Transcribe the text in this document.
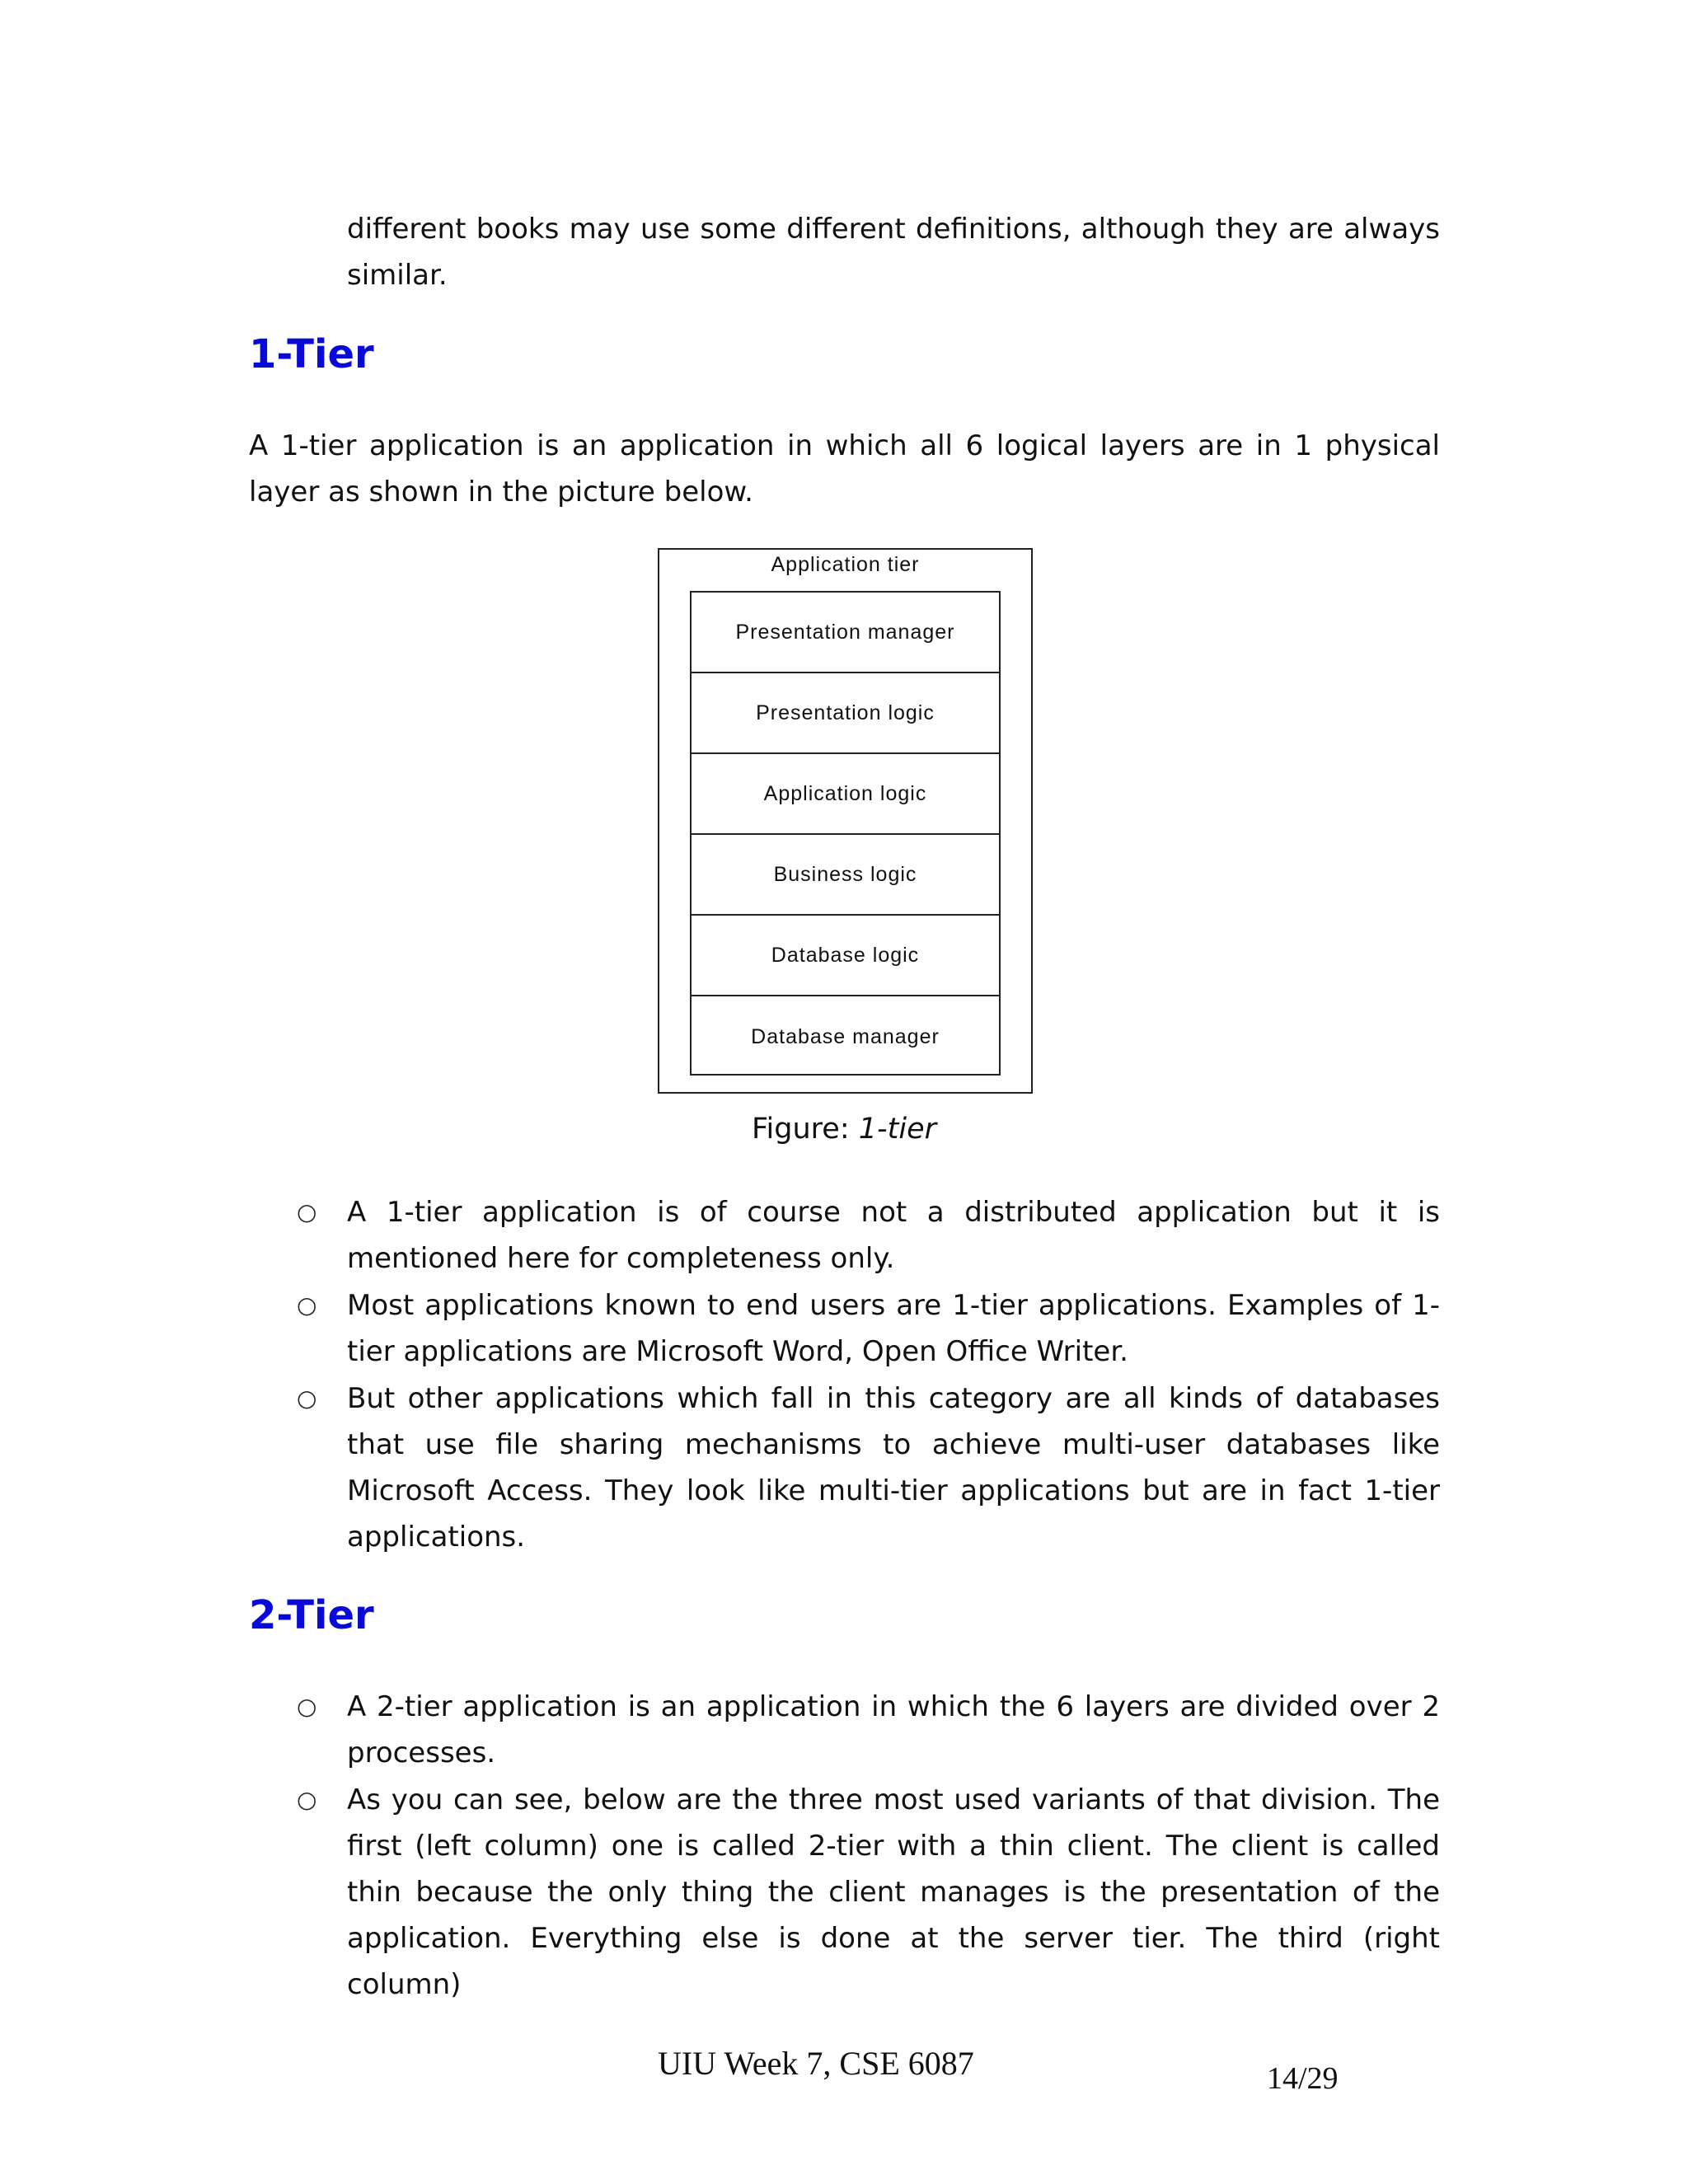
different books may use some different definitions, although they are always similar.

1-Tier

A 1-tier application is an application in which all 6 logical layers are in 1 physical layer as shown in the picture below.

Application tier
Presentation manager
Presentation logic
Application logic
Business logic
Database logic
Database manager
Figure: 1-tier
○ A 1-tier application is of course not a distributed application but it is mentioned here for completeness only.

○ Most applications known to end users are 1-tier applications. Examples of 1-tier applications are Microsoft Word, Open Office Writer.

○ But other applications which fall in this category are all kinds of databases that use file sharing mechanisms to achieve multi-user databases like Microsoft Access. They look like multi-tier applications but are in fact 1-tier applications.

2-Tier
○ A 2-tier application is an application in which the 6 layers are divided over 2 processes.

○ As you can see, below are the three most used variants of that division. The first (left column) one is called 2-tier with a thin client. The client is called thin because the only thing the client manages is the presentation of the application. Everything else is done at the server tier. The third (right column)

UIU Week 7, CSE 6087	14/29
